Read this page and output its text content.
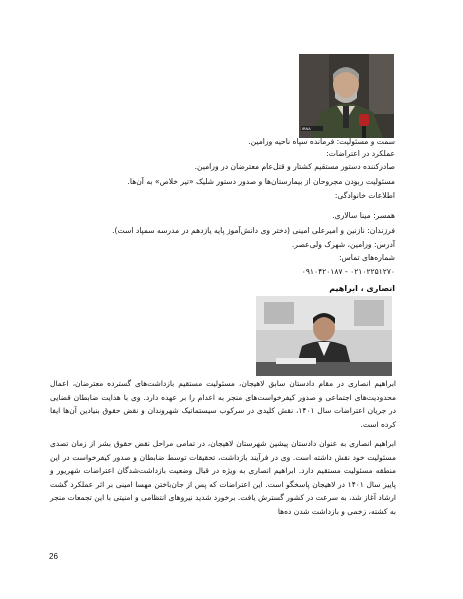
IRNA
سمت و مسئولیت: فرمانده سپاه ناحیه ورامین.
عملکرد در اعتراضات:
صادرکننده دستور مستقیم کشتار و قتل‌عام معترضان در ورامین.
مسئولیت ربودن مجروحان از بیمارستان‌ها و صدور دستور شلیک «تیر خلاص» به آن‌ها.
اطلاعات خانوادگی:
همسر: مینا سالاری.
فرزندان: نازنین و امیرعلی امینی (دختر وی دانش‌آموز پایه یازدهم در مدرسه سمپاد است).
آدرس: ورامین، شهرک ولی‌عصر.
شماره‌های تماس:
۰۲۱۰۲۲۵۱۲۷۰ - ۰۹۱۰۴۲۰۱۸۷
انصاری ، ابراهیم
ابراهیم انصاری در مقام دادستان سابق لاهیجان، مسئولیت مستقیم بازداشت‌های گسترده معترضان، اعمال محدودیت‌های اجتماعی و صدور کیفرخواست‌های منجر به اعدام را بر عهده دارد. وی با هدایت ضابطان قضایی در جریان اعتراضات سال ۱۴۰۱، نقش کلیدی در سرکوب سیستماتیک شهروندان و نقض حقوق بنیادین آن‌ها ایفا کرده است.
ابراهیم انصاری به عنوان دادستان پیشین شهرستان لاهیجان، در تمامی مراحل نقض حقوق بشر از زمان تصدی مسئولیت خود نقش داشته است. وی در فرآیند بازداشت، تحقیقات توسط ضابطان و صدور کیفرخواست در این منطقه مسئولیت مستقیم دارد. ابراهیم انصاری به ویژه در قبال وضعیت بازداشت‌شدگان اعتراضات شهریور و پاییز سال ۱۴۰۱ در لاهیجان پاسخگو است. این اعتراضات که پس از جان‌باختن مهسا امینی بر اثر عملکرد گشت ارشاد آغاز شد، به سرعت در کشور گسترش یافت. برخورد شدید نیروهای انتظامی و امنیتی با این تجمعات منجر به کشته، زخمی و بازداشت شدن ده‌ها
26
